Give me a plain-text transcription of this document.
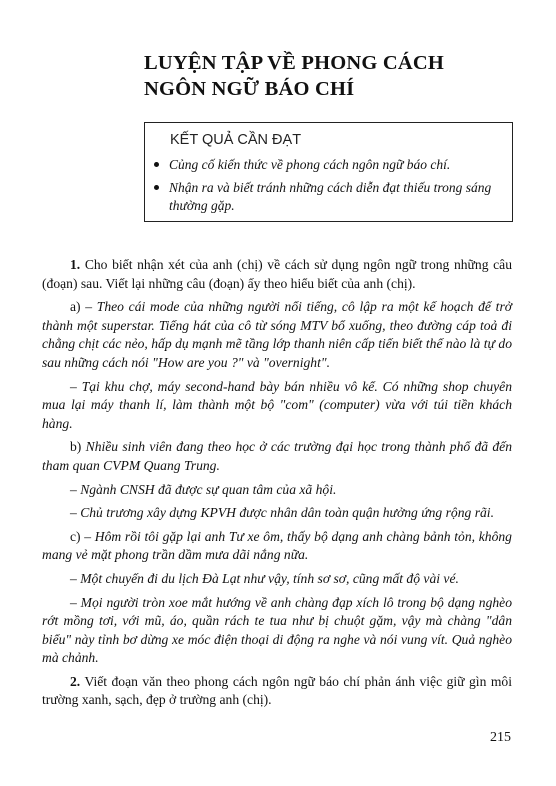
LUYỆN TẬP VỀ PHONG CÁCH
NGÔN NGỮ BÁO CHÍ
KẾT QUẢ CẦN ĐẠT
Củng cố kiến thức về phong cách ngôn ngữ báo chí.
Nhận ra và biết tránh những cách diễn đạt thiếu trong sáng thường gặp.

1. Cho biết nhận xét của anh (chị) về cách sử dụng ngôn ngữ trong những câu (đoạn) sau. Viết lại những câu (đoạn) ấy theo hiểu biết của anh (chị).

a) – Theo cái mode của những người nổi tiếng, cô lập ra một kế hoạch để trở thành một superstar. Tiếng hát của cô từ sóng MTV bổ xuống, theo đường cáp toả đi chằng chịt các nẻo, hấp dụ mạnh mẽ tầng lớp thanh niên cấp tiến biết thế nào là tự do sau những cách nói "How are you ?" và "overnight".

– Tại khu chợ, máy second-hand bày bán nhiều vô kể. Có những shop chuyên mua lại máy thanh lí, làm thành một bộ "com" (computer) vừa với túi tiền khách hàng.

b) Nhiều sinh viên đang theo học ở các trường đại học trong thành phố đã đến tham quan CVPM Quang Trung.

– Ngành CNSH đã được sự quan tâm của xã hội.

– Chủ trương xây dựng KPVH được nhân dân toàn quận hưởng ứng rộng rãi.

c) – Hôm rồi tôi gặp lại anh Tư xe ôm, thấy bộ dạng anh chàng bảnh tỏn, không mang vẻ mặt phong trần dầm mưa dãi nắng nữa.

– Một chuyến đi du lịch Đà Lạt như vậy, tính sơ sơ, cũng mất độ vài vé.

– Mọi người tròn xoe mắt hướng về anh chàng đạp xích lô trong bộ dạng nghèo rớt mồng tơi, với mũ, áo, quần rách te tua như bị chuột gặm, vậy mà chàng "dân biểu" này tỉnh bơ dừng xe móc điện thoại di động ra nghe và nói vung vít. Quả nghèo mà chảnh.

2. Viết đoạn văn theo phong cách ngôn ngữ báo chí phản ánh việc giữ gìn môi trường xanh, sạch, đẹp ở trường anh (chị).

215
